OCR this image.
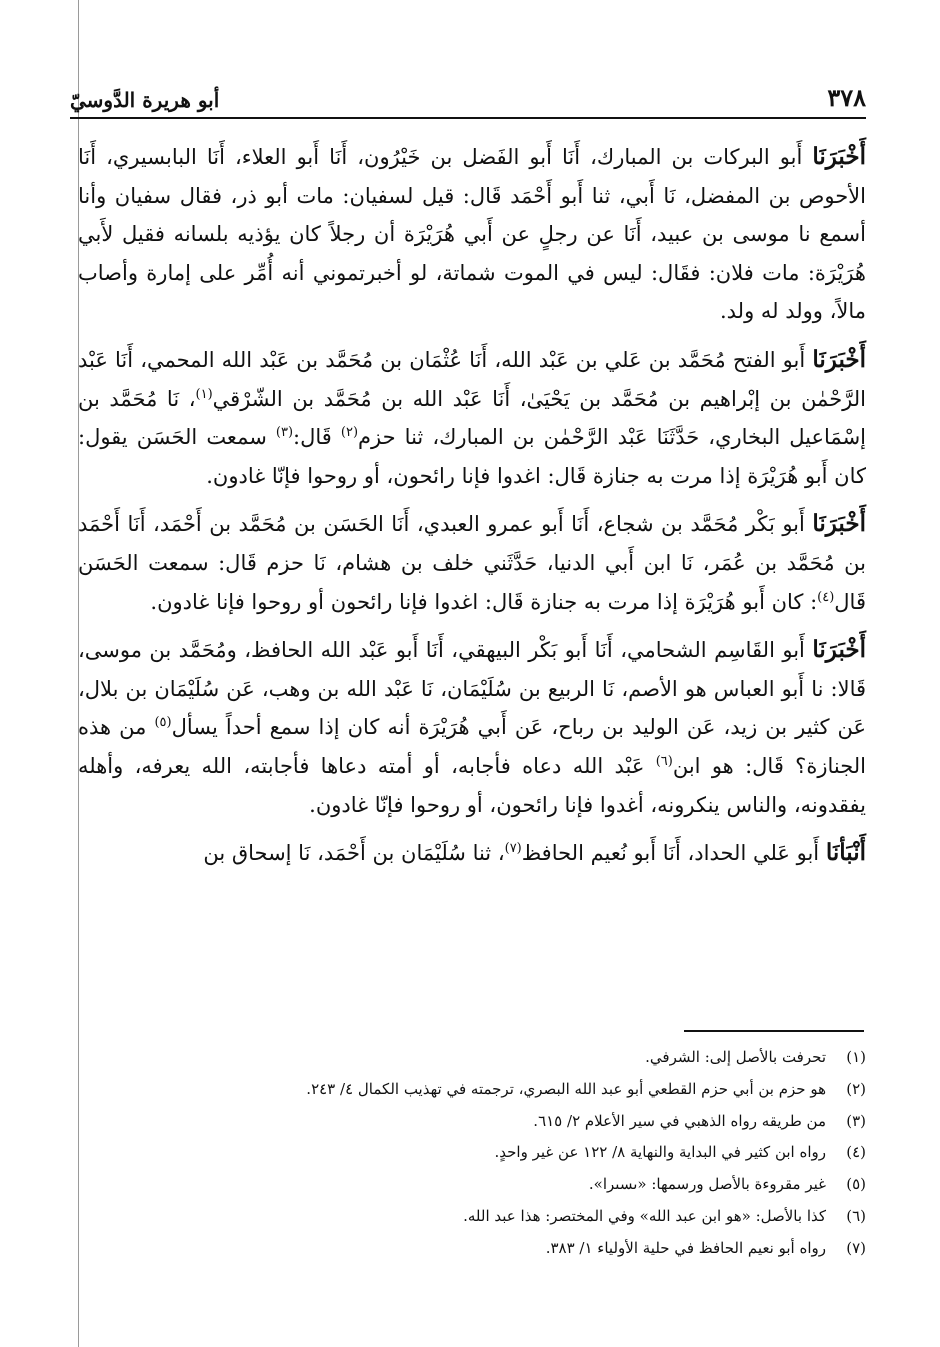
٣٧٨
أبو هريرة الدَّوسيّ

أَخْبَرَنَا أَبو البركات بن المبارك، أَنَا أَبو الفَضل بن خَيْرُون، أَنَا أَبو العلاء، أَنَا البابسيري، أَنَا الأحوص بن المفضل، نَا أَبي، ثنا أَبو أَحْمَد قَال: قيل لسفيان: مات أبو ذر، فقال سفيان وأنا أسمع نا موسى بن عبيد، أَنَا عن رجلٍ عن أَبي هُرَيْرَة أن رجلاً كان يؤذيه بلسانه فقيل لأَبي هُرَيْرَة: مات فلان: فقَال: ليس في الموت شماتة، لو أخبرتموني أنه أُمِّر على إمارة وأصاب مالاً، وولد له ولد.

أَخْبَرَنَا أَبو الفتح مُحَمَّد بن عَلي بن عَبْد الله، أَنَا عُثْمَان بن مُحَمَّد بن عَبْد الله المحمي، أَنَا عَبْد الرَّحْمٰن بن إبْراهيم بن مُحَمَّد بن يَحْيَىٰ، أَنَا عَبْد الله بن مُحَمَّد بن الشّرْقي$^{(١)}$، نَا مُحَمَّد بن إسْمَاعيل البخاري، حَدَّثَنَا عَبْد الرَّحْمٰن بن المبارك، ثنا حزم$^{(٢)}$ قَال:$^{(٣)}$ سمعت الحَسَن يقول: كان أَبو هُرَيْرَة إذا مرت به جنازة قَال: اغدوا فإنا رائحون، أو روحوا فإنّا غادون.

أَخْبَرَنَا أَبو بَكْر مُحَمَّد بن شجاع، أَنَا أَبو عمرو العبدي، أَنَا الحَسَن بن مُحَمَّد بن أَحْمَد، أَنَا أَحْمَد بن مُحَمَّد بن عُمَر، نَا ابن أَبي الدنيا، حَدَّثَني خلف بن هشام، نَا حزم قَال: سمعت الحَسَن قَال$^{(٤)}$: كان أَبو هُرَيْرَة إذا مرت به جنازة قَال: اغدوا فإنا رائحون أو روحوا فإنا غادون.

أَخْبَرَنَا أَبو القَاسِم الشحامي، أَنَا أَبو بَكْر البيهقي، أَنَا أَبو عَبْد الله الحافظ، ومُحَمَّد بن موسى، قَالا: نا أَبو العباس هو الأصم، نَا الربيع بن سُلَيْمَان، نَا عَبْد الله بن وهب، عَن سُلَيْمَان بن بلال، عَن كثير بن زيد، عَن الوليد بن رباح، عَن أَبي هُرَيْرَة أنه كان إذا سمع أحداً يسأل$^{(٥)}$ من هذه الجنازة؟ قَال: هو ابن$^{(٦)}$ عَبْد الله دعاه فأجابه، أو أمته دعاها فأجابته، الله يعرفه، وأهله يفقدونه، والناس ينكرونه، أغدوا فإنا رائحون، أو روحوا فإنّا غادون.

أَنْبَأنَا أَبو عَلي الحداد، أَنَا أَبو نُعيم الحافظ$^{(٧)}$، ثنا سُلَيْمَان بن أَحْمَد، نَا إسحاق بن

(١)
تحرفت بالأصل إلى: الشرفي.
(٢)
هو حزم بن أبي حزم القطعي أبو عبد الله البصري، ترجمته في تهذيب الكمال ٤/ ٢٤٣.
(٣)
من طريقه رواه الذهبي في سير الأعلام ٢/ ٦١٥.
(٤)
رواه ابن كثير في البداية والنهاية ٨/ ١٢٢ عن غير واحدٍ.
(٥)
غير مقروءة بالأصل ورسمها: «ىسىرا».
(٦)
كذا بالأصل: «هو ابن عبد الله» وفي المختصر: هذا عبد الله.
(٧)
رواه أبو نعيم الحافظ في حلية الأولياء ١/ ٣٨٣.
